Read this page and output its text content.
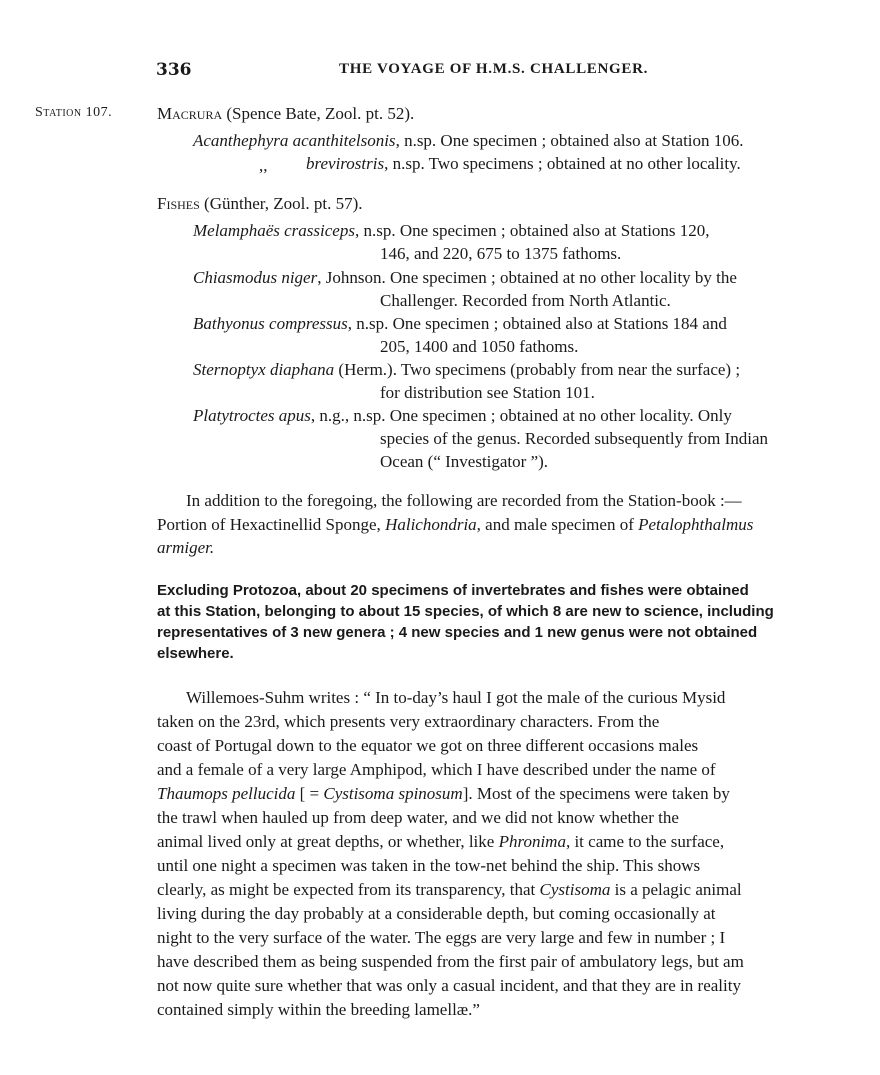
336	THE VOYAGE OF H.M.S. CHALLENGER.
Station 107.	Macrura (Spence Bate, Zool. pt. 52).
Acanthephyra acanthitelsonis, n.sp. One specimen ; obtained also at Station 106.
,, brevirostris, n.sp. Two specimens ; obtained at no other locality.
Fishes (Günther, Zool. pt. 57).
Melamphaës crassiceps, n.sp. One specimen ; obtained also at Stations 120,
146, and 220, 675 to 1375 fathoms.
Chiasmodus niger, Johnson. One specimen ; obtained at no other locality by the
Challenger. Recorded from North Atlantic.
Bathyonus compressus, n.sp. One specimen ; obtained also at Stations 184 and
205, 1400 and 1050 fathoms.
Sternoptyx diaphana (Herm.). Two specimens (probably from near the surface) ;
for distribution see Station 101.
Platytroctes apus, n.g., n.sp. One specimen ; obtained at no other locality. Only
species of the genus. Recorded subsequently from Indian
Ocean (“ Investigator ”).
In addition to the foregoing, the following are recorded from the Station-book :—
Portion of Hexactinellid Sponge, Halichondria, and male specimen of Petalophthalmus
armiger.
Excluding Protozoa, about 20 specimens of invertebrates and fishes were obtained
at this Station, belonging to about 15 species, of which 8 are new to science, including
representatives of 3 new genera ; 4 new species and 1 new genus were not obtained
elsewhere.
Willemoes-Suhm writes : “ In to-day’s haul I got the male of the curious Mysid
taken on the 23rd, which presents very extraordinary characters. From the
coast of Portugal down to the equator we got on three different occasions males
and a female of a very large Amphipod, which I have described under the name of
Thaumops pellucida [ = Cystisoma spinosum]. Most of the specimens were taken by
the trawl when hauled up from deep water, and we did not know whether the
animal lived only at great depths, or whether, like Phronima, it came to the surface,
until one night a specimen was taken in the tow-net behind the ship. This shows
clearly, as might be expected from its transparency, that Cystisoma is a pelagic animal
living during the day probably at a considerable depth, but coming occasionally at
night to the very surface of the water. The eggs are very large and few in number ; I
have described them as being suspended from the first pair of ambulatory legs, but am
not now quite sure whether that was only a casual incident, and that they are in reality
contained simply within the breeding lamellæ.”
